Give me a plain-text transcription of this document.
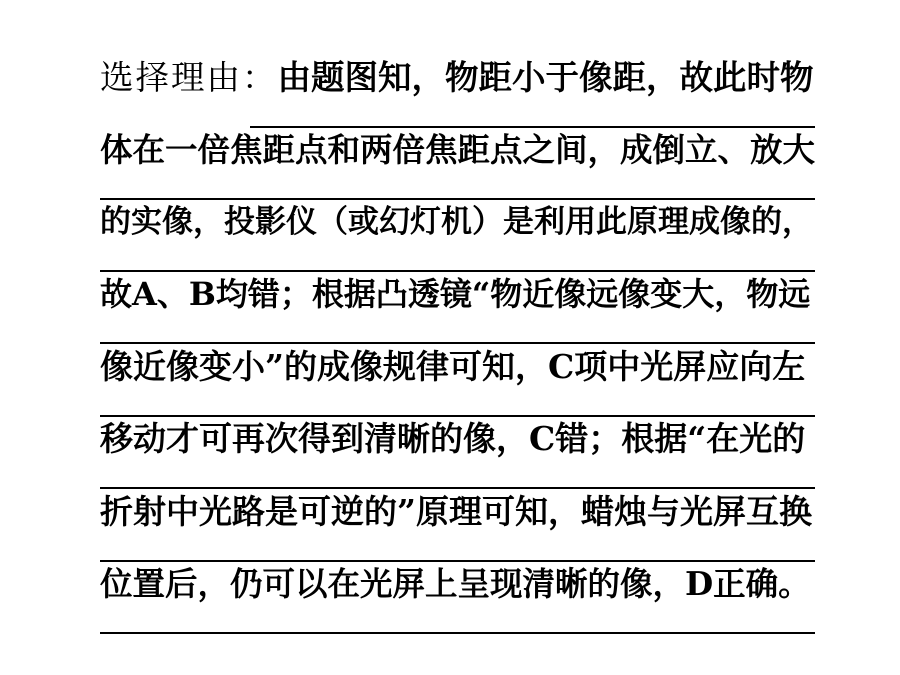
选择理由：由题图知，物距小于像距，故此时物
体在一倍焦距点和两倍焦距点之间，成倒立、放大
的实像，投影仪（或幻灯机）是利用此原理成像的，
故A、B均错；根据凸透镜“物近像远像变大，物远
像近像变小”的成像规律可知，C项中光屏应向左
移动才可再次得到清晰的像，C错；根据“在光的
折射中光路是可逆的”原理可知，蜡烛与光屏互换
位置后，仍可以在光屏上呈现清晰的像，D正确。
